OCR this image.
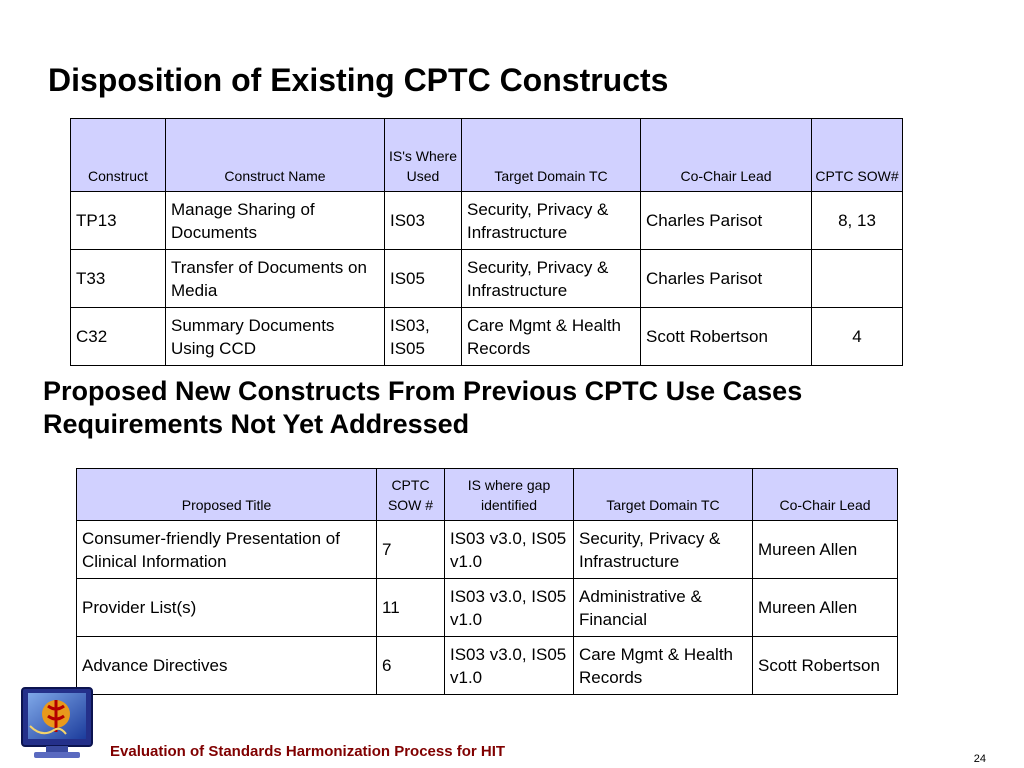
Disposition of Existing CPTC Constructs
Construct	Construct Name	IS's Where Used	Target Domain TC	Co-Chair Lead	CPTC SOW#
TP13	Manage Sharing of Documents	IS03	Security, Privacy & Infrastructure	Charles Parisot	8, 13
T33	Transfer of Documents on Media	IS05	Security, Privacy & Infrastructure	Charles Parisot	
C32	Summary Documents Using CCD	IS03, IS05	Care Mgmt & Health Records	Scott Robertson	4
Proposed New Constructs From Previous CPTC Use Cases
Requirements Not Yet Addressed
Proposed Title	CPTC SOW #	IS where gap identified	Target Domain TC	Co-Chair Lead
Consumer-friendly Presentation of Clinical Information	7	IS03 v3.0, IS05 v1.0	Security, Privacy & Infrastructure	Mureen Allen
Provider List(s)	11	IS03 v3.0, IS05 v1.0	Administrative & Financial	Mureen Allen
Advance Directives	6	IS03 v3.0, IS05 v1.0	Care Mgmt & Health Records	Scott Robertson
Evaluation of Standards Harmonization Process for HIT	24
